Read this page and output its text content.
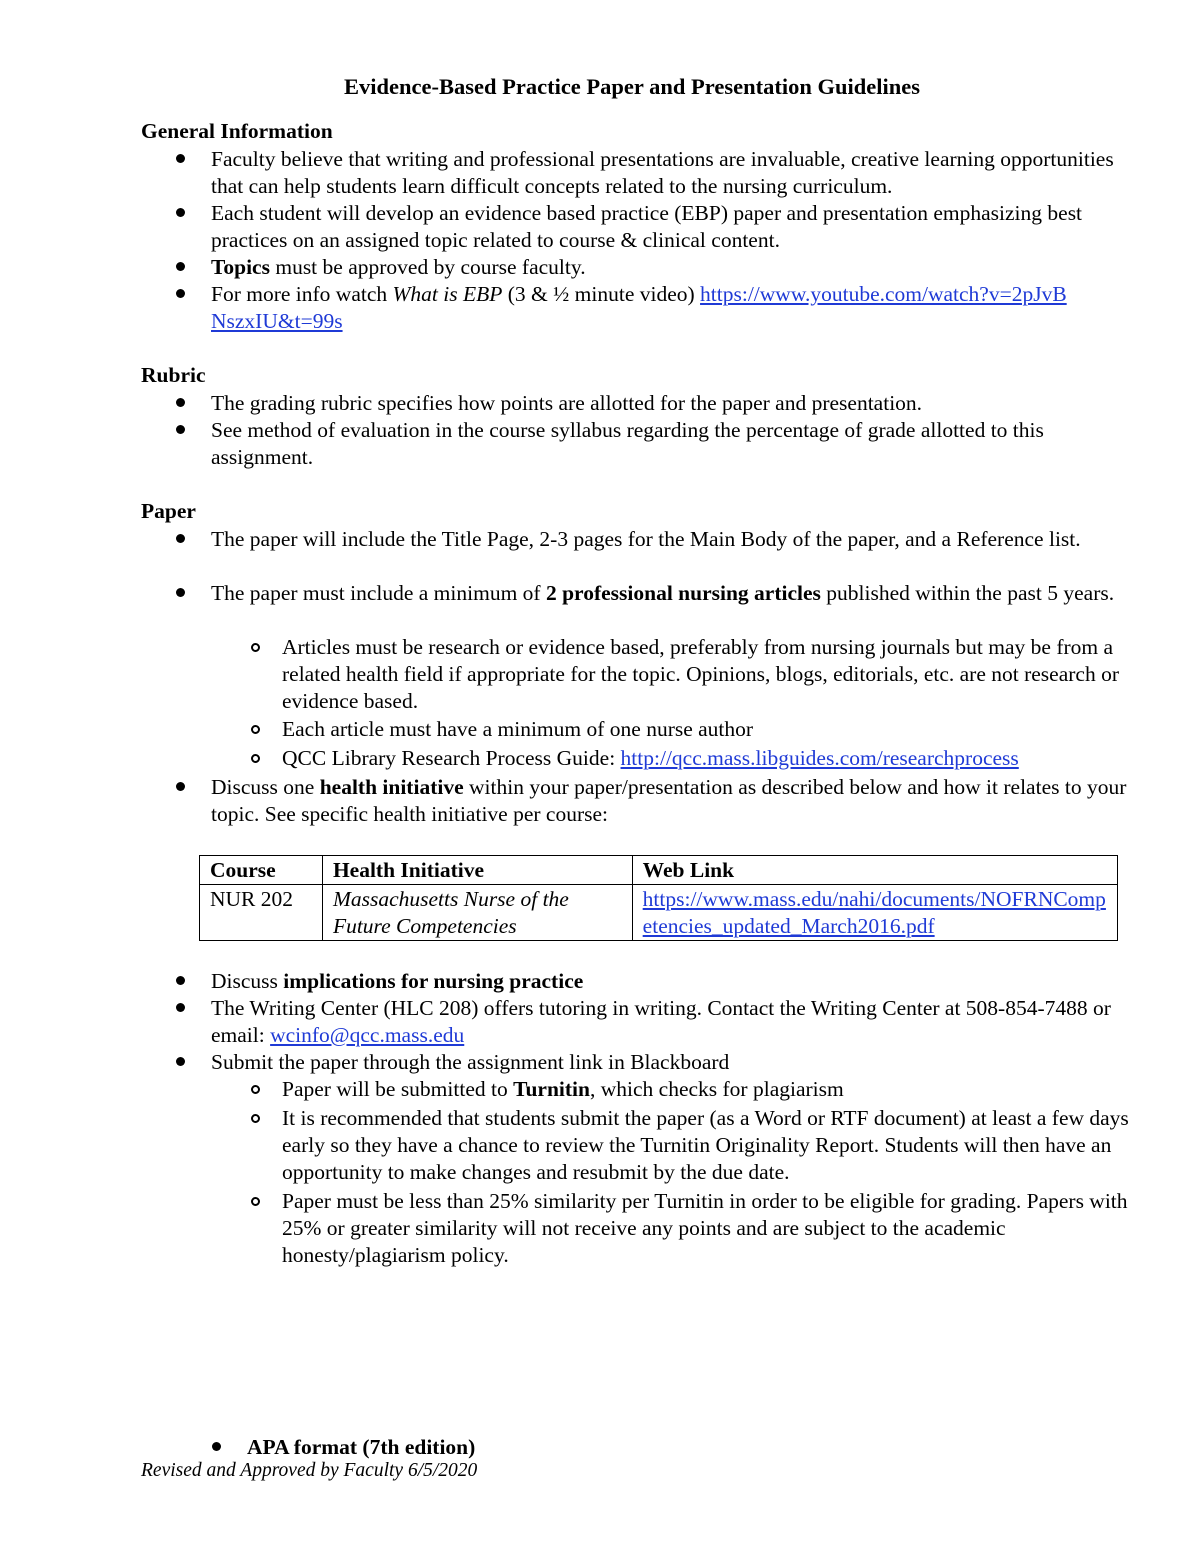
Evidence-Based Practice Paper and Presentation Guidelines
General Information
Faculty believe that writing and professional presentations are invaluable, creative learning opportunities that can help students learn difficult concepts related to the nursing curriculum.
Each student will develop an evidence based practice (EBP) paper and presentation emphasizing best practices on an assigned topic related to course & clinical content.
Topics must be approved by course faculty.
For more info watch What is EBP (3 & ½ minute video) https://www.youtube.com/watch?v=2pJvBNszxIU&t=99s
Rubric
The grading rubric specifies how points are allotted for the paper and presentation.
See method of evaluation in the course syllabus regarding the percentage of grade allotted to this assignment.
Paper
The paper will include the Title Page, 2-3 pages for the Main Body of the paper, and a Reference list.
The paper must include a minimum of 2 professional nursing articles published within the past 5 years.
Articles must be research or evidence based, preferably from nursing journals but may be from a related health field if appropriate for the topic. Opinions, blogs, editorials, etc. are not research or evidence based.
Each article must have a minimum of one nurse author
QCC Library Research Process Guide: http://qcc.mass.libguides.com/researchprocess
Discuss one health initiative within your paper/presentation as described below and how it relates to your topic. See specific health initiative per course:
Course	Health Initiative	Web Link
NUR 202	Massachusetts Nurse of the Future Competencies	https://www.mass.edu/nahi/documents/NOFRNCompetencies_updated_March2016.pdf
Discuss implications for nursing practice
The Writing Center (HLC 208) offers tutoring in writing. Contact the Writing Center at 508-854-7488 or email: wcinfo@qcc.mass.edu
Submit the paper through the assignment link in Blackboard
Paper will be submitted to Turnitin, which checks for plagiarism
It is recommended that students submit the paper (as a Word or RTF document) at least a few days early so they have a chance to review the Turnitin Originality Report. Students will then have an opportunity to make changes and resubmit by the due date.
Paper must be less than 25% similarity per Turnitin in order to be eligible for grading. Papers with 25% or greater similarity will not receive any points and are subject to the academic honesty/plagiarism policy.
APA format (7th edition)
Revised and Approved by Faculty 6/5/2020
